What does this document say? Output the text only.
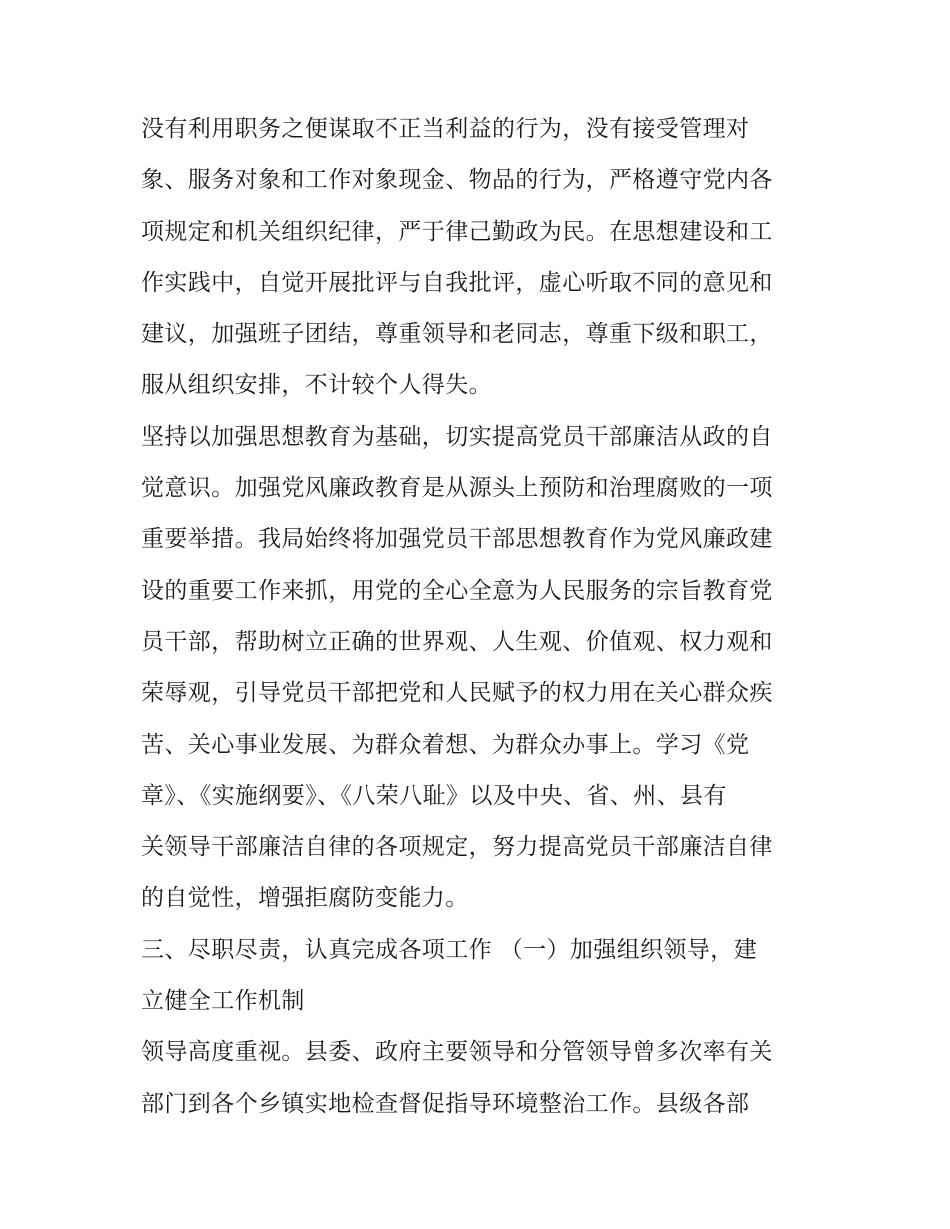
没有利用职务之便谋取不正当利益的行为，没有接受管理对
象、服务对象和工作对象现金、物品的行为，严格遵守党内各
项规定和机关组织纪律，严于律己勤政为民。在思想建设和工
作实践中，自觉开展批评与自我批评，虚心听取不同的意见和
建议，加强班子团结，尊重领导和老同志，尊重下级和职工，
服从组织安排，不计较个人得失。
坚持以加强思想教育为基础，切实提高党员干部廉洁从政的自
觉意识。加强党风廉政教育是从源头上预防和治理腐败的一项
重要举措。我局始终将加强党员干部思想教育作为党风廉政建
设的重要工作来抓，用党的全心全意为人民服务的宗旨教育党
员干部，帮助树立正确的世界观、人生观、价值观、权力观和
荣辱观，引导党员干部把党和人民赋予的权力用在关心群众疾
苦、关心事业发展、为群众着想、为群众办事上。学习《党
章》、《实施纲要》、《八荣八耻》以及中央、省、州、县有
关领导干部廉洁自律的各项规定，努力提高党员干部廉洁自律
的自觉性，增强拒腐防变能力。
三、尽职尽责，认真完成各项工作 （一）加强组织领导，建
立健全工作机制
领导高度重视。县委、政府主要领导和分管领导曾多次率有关
部门到各个乡镇实地检查督促指导环境整治工作。县级各部
